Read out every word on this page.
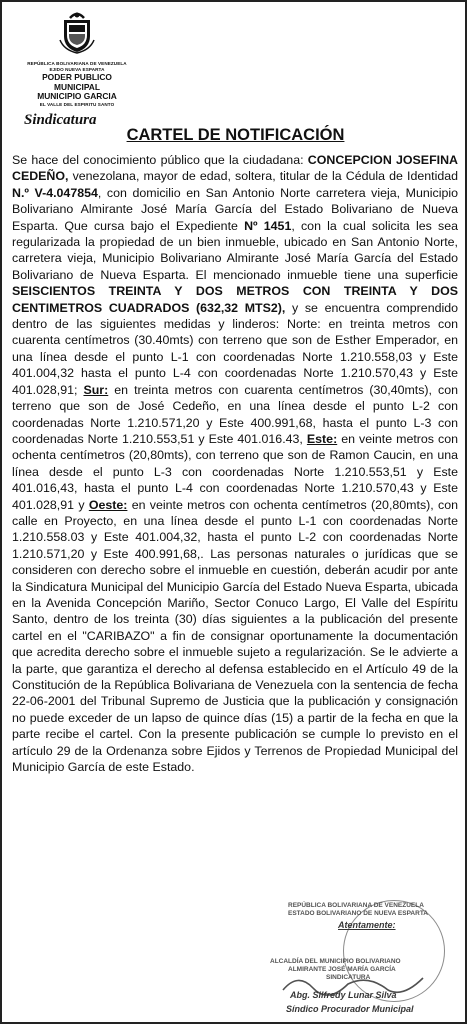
REPÚBLICA BOLIVARIANA DE VENEZUELA
EJIDO NUEVA ESPARTA
PODER PUBLICO MUNICIPAL
MUNICIPIO GARCIA
EL VALLE DEL ESPIRITU SANTO
Sindicatura
CARTEL DE NOTIFICACIÓN
Se hace del conocimiento público que la ciudadana: CONCEPCION JOSEFINA CEDEÑO, venezolana, mayor de edad, soltera, titular de la Cédula de Identidad N.º V-4.047854, con domicilio en San Antonio Norte carretera vieja, Municipio Bolivariano Almirante José María García del Estado Bolivariano de Nueva Esparta. Que cursa bajo el Expediente Nº 1451, con la cual solicita les sea regularizada la propiedad de un bien inmueble, ubicado en San Antonio Norte, carretera vieja, Municipio Bolivariano Almirante José María García del Estado Bolivariano de Nueva Esparta. El mencionado inmueble tiene una superficie SEISCIENTOS TREINTA Y DOS METROS CON TREINTA Y DOS CENTIMETROS CUADRADOS (632,32 MTS2), y se encuentra comprendido dentro de las siguientes medidas y linderos: Norte: en treinta metros con cuarenta centímetros (30.40mts) con terreno que son de Esther Emperador, en una línea desde el punto L-1 con coordenadas Norte 1.210.558,03 y Este 401.004,32 hasta el punto L-4 con coordenadas Norte 1.210.570,43 y Este 401.028,91; Sur: en treinta metros con cuarenta centímetros (30,40mts), con terreno que son de José Cedeño, en una línea desde el punto L-2 con coordenadas Norte 1.210.571,20 y Este 400.991,68, hasta el punto L-3 con coordenadas Norte 1.210.553,51 y Este 401.016.43, Este: en veinte metros con ochenta centímetros (20,80mts), con terreno que son de Ramon Caucin, en una línea desde el punto L-3 con coordenadas Norte 1.210.553,51 y Este 401.016,43, hasta el punto L-4 con coordenadas Norte 1.210.570,43 y Este 401.028,91 y Oeste: en veinte metros con ochenta centímetros (20,80mts), con calle en Proyecto, en una línea desde el punto L-1 con coordenadas Norte 1.210.558.03 y Este 401.004,32, hasta el punto L-2 con coordenadas Norte 1.210.571,20 y Este 400.991,68,. Las personas naturales o jurídicas que se consideren con derecho sobre el inmueble en cuestión, deberán acudir por ante la Sindicatura Municipal del Municipio García del Estado Nueva Esparta, ubicada en la Avenida Concepción Mariño, Sector Conuco Largo, El Valle del Espíritu Santo, dentro de los treinta (30) días siguientes a la publicación del presente cartel en el "CARIBAZO" a fin de consignar oportunamente la documentación que acredita derecho sobre el inmueble sujeto a regularización. Se le advierte a la parte, que garantiza el derecho al defensa establecido en el Artículo 49 de la Constitución de la República Bolivariana de Venezuela con la sentencia de fecha 22-06-2001 del Tribunal Supremo de Justicia que la publicación y consignación no puede exceder de un lapso de quince días (15) a partir de la fecha en que la parte recibe el cartel. Con la presente publicación se cumple lo previsto en el artículo 29 de la Ordenanza sobre Ejidos y Terrenos de Propiedad Municipal del Municipio García de este Estado.
REPÚBLICA BOLIVARIANA DE VENEZUELA
ESTADO BOLIVARIANO DE NUEVA ESPARTA
Atentamente:
ALCALDÍA DEL MUNICIPIO BOLIVARIANO
ALMIRANTE JOSÉ MARÍA GARCÍA
SINDICATURA
Abg. Silfredy Lunar Silva
Síndico Procurador Municipal
